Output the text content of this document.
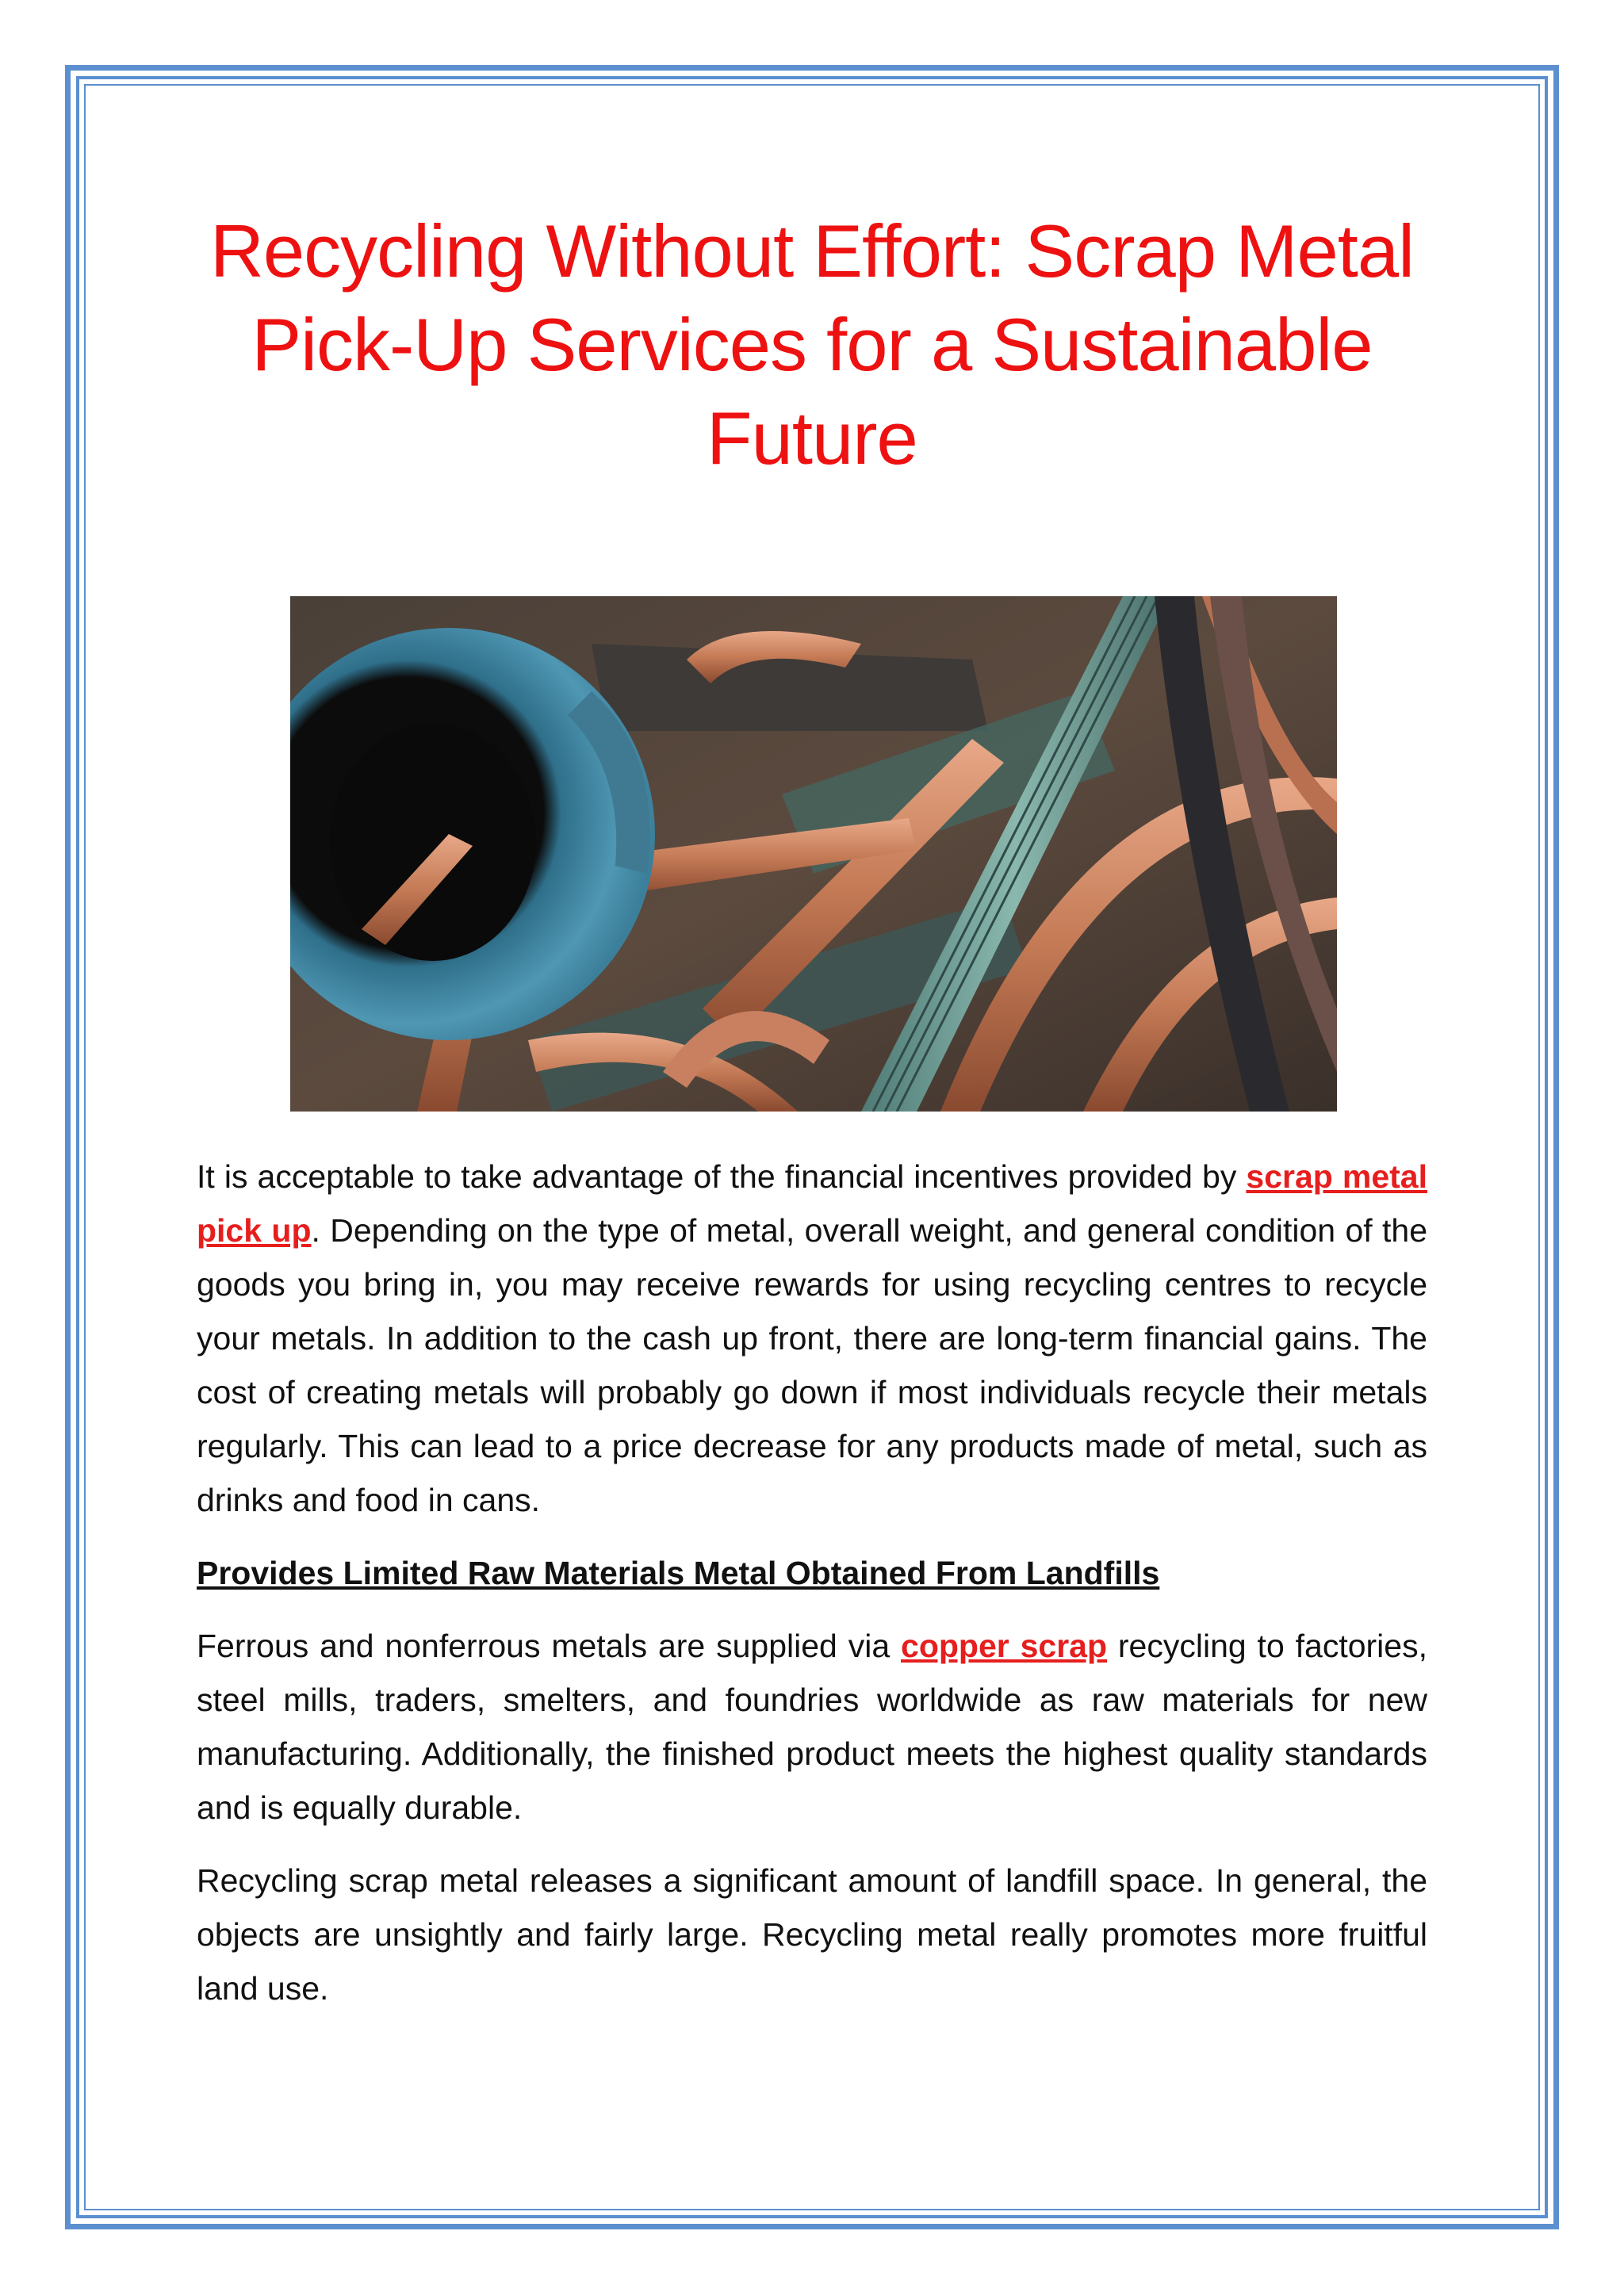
Recycling Without Effort: Scrap Metal Pick-Up Services for a Sustainable Future

It is acceptable to take advantage of the financial incentives provided by scrap metal pick up. Depending on the type of metal, overall weight, and general condition of the goods you bring in, you may receive rewards for using recycling centres to recycle your metals. In addition to the cash up front, there are long-term financial gains. The cost of creating metals will probably go down if most individuals recycle their metals regularly. This can lead to a price decrease for any products made of metal, such as drinks and food in cans.

Provides Limited Raw Materials Metal Obtained From Landfills

Ferrous and nonferrous metals are supplied via copper scrap recycling to factories, steel mills, traders, smelters, and foundries worldwide as raw materials for new manufacturing. Additionally, the finished product meets the highest quality standards and is equally durable.

Recycling scrap metal releases a significant amount of landfill space. In general, the objects are unsightly and fairly large. Recycling metal really promotes more fruitful land use.
